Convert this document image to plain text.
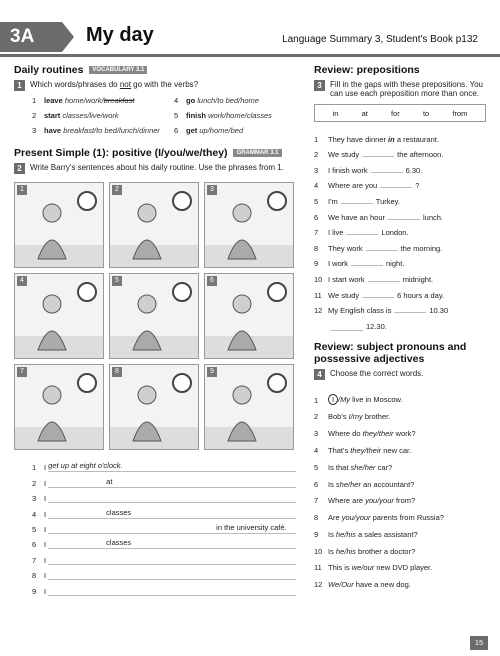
3A	My day	Language Summary 3, Student's Book p132
Daily routines VOCABULARY 3.1
1	Which words/phrases do not go with the verbs?
1 leave home/work/breakfast	4 go lunch/to bed/home
2 start classes/live/work	5 finish work/home/classes
3 have breakfast/to bed/lunch/dinner	6 get up/home/bed
Present Simple (1): positive (I/you/we/they) GRAMMAR 3.1
2	Write Barry's sentences about his daily routine. Use the phrases from 1.
1	2	3
4	5	6
7	8	9
1	I get up at eight o'clock.
2	I	at
3	I
4	I	classes
5	I	in the university café.
6	I	classes
7	I
8	I
9	I
Review: prepositions
3	Fill in the gaps with these prepositions. You can use each preposition more than once.
in	at	for	to	from
1	They have dinner in a restaurant.
2	We study	the afternoon.
3	I finish work	6.30.
4	Where are you	?
5	I'm	Turkey.
6	We have an hour	lunch.
7	I live	London.
8	They work	the morning.
9	I work	night.
10 I start work	midnight.
11 We study	6 hours a day.
12 My English class is	10.30
12.30.
Review: subject pronouns and possessive adjectives
4	Choose the correct words.
1	I /My live in Moscow.
2	Bob's I/my brother.
3	Where do they/their work?
4	That's they/their new car.
5	Is that she/her car?
6	Is she/her an accountant?
7	Where are you/your from?
8	Are you/your parents from Russia?
9	Is he/his a sales assistant?
10 Is he/his brother a doctor?
11 This is we/our new DVD player.
12 We/Our have a new dog.
15
